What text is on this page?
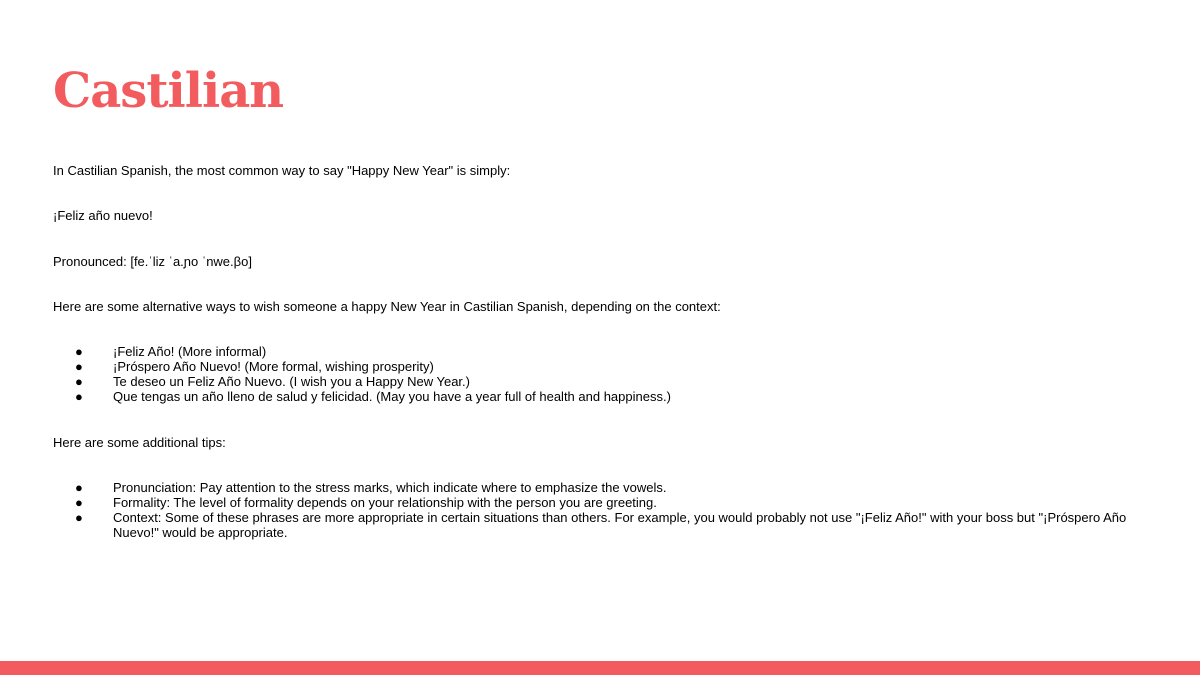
Castilian

In Castilian Spanish, the most common way to say "Happy New Year" is simply:

¡Feliz año nuevo!

Pronounced: [fe.ˈliz ˈa.ɲo ˈnwe.βo]

Here are some alternative ways to wish someone a happy New Year in Castilian Spanish, depending on the context:

● ¡Feliz Año! (More informal)
● ¡Próspero Año Nuevo! (More formal, wishing prosperity)
● Te deseo un Feliz Año Nuevo. (I wish you a Happy New Year.)
● Que tengas un año lleno de salud y felicidad. (May you have a year full of health and happiness.)

Here are some additional tips:

● Pronunciation: Pay attention to the stress marks, which indicate where to emphasize the vowels.
● Formality: The level of formality depends on your relationship with the person you are greeting.
● Context: Some of these phrases are more appropriate in certain situations than others. For example, you would probably not use "¡Feliz Año!" with your boss but "¡Próspero Año Nuevo!" would be appropriate.
